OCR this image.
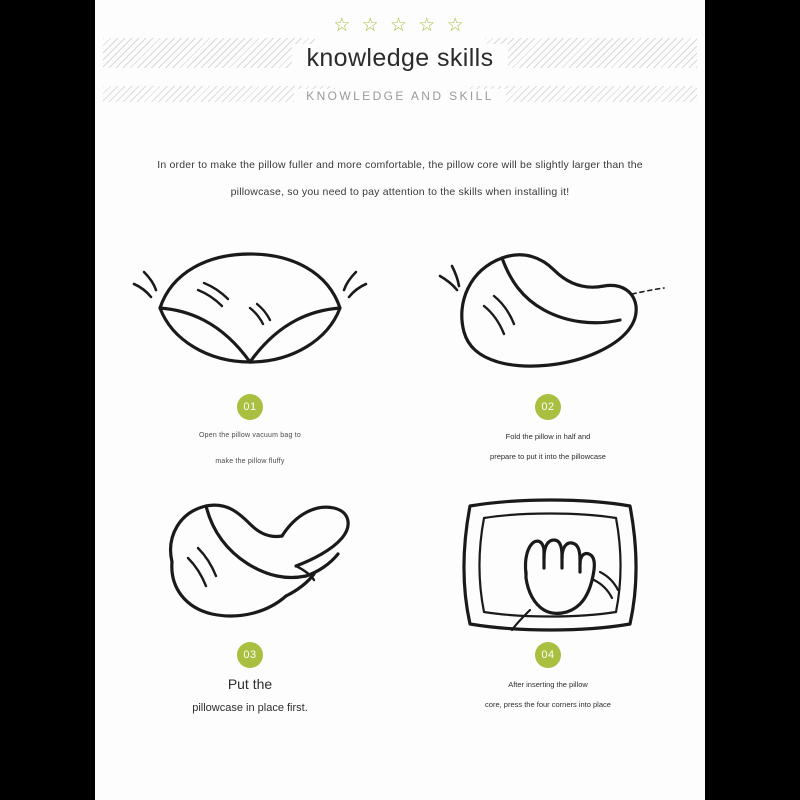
☆ ☆ ☆ ☆ ☆
knowledge skills
KNOWLEDGE AND SKILL
In order to make the pillow fuller and more comfortable, the pillow core will be slightly larger than the
pillowcase, so you need to pay attention to the skills when installing it!
01
Open the pillow vacuum bag to
make the pillow fluffy
02
Fold the pillow in half and
prepare to put it into the pillowcase
03
Put the
pillowcase in place first.
04
After inserting the pillow
core, press the four corners into place
